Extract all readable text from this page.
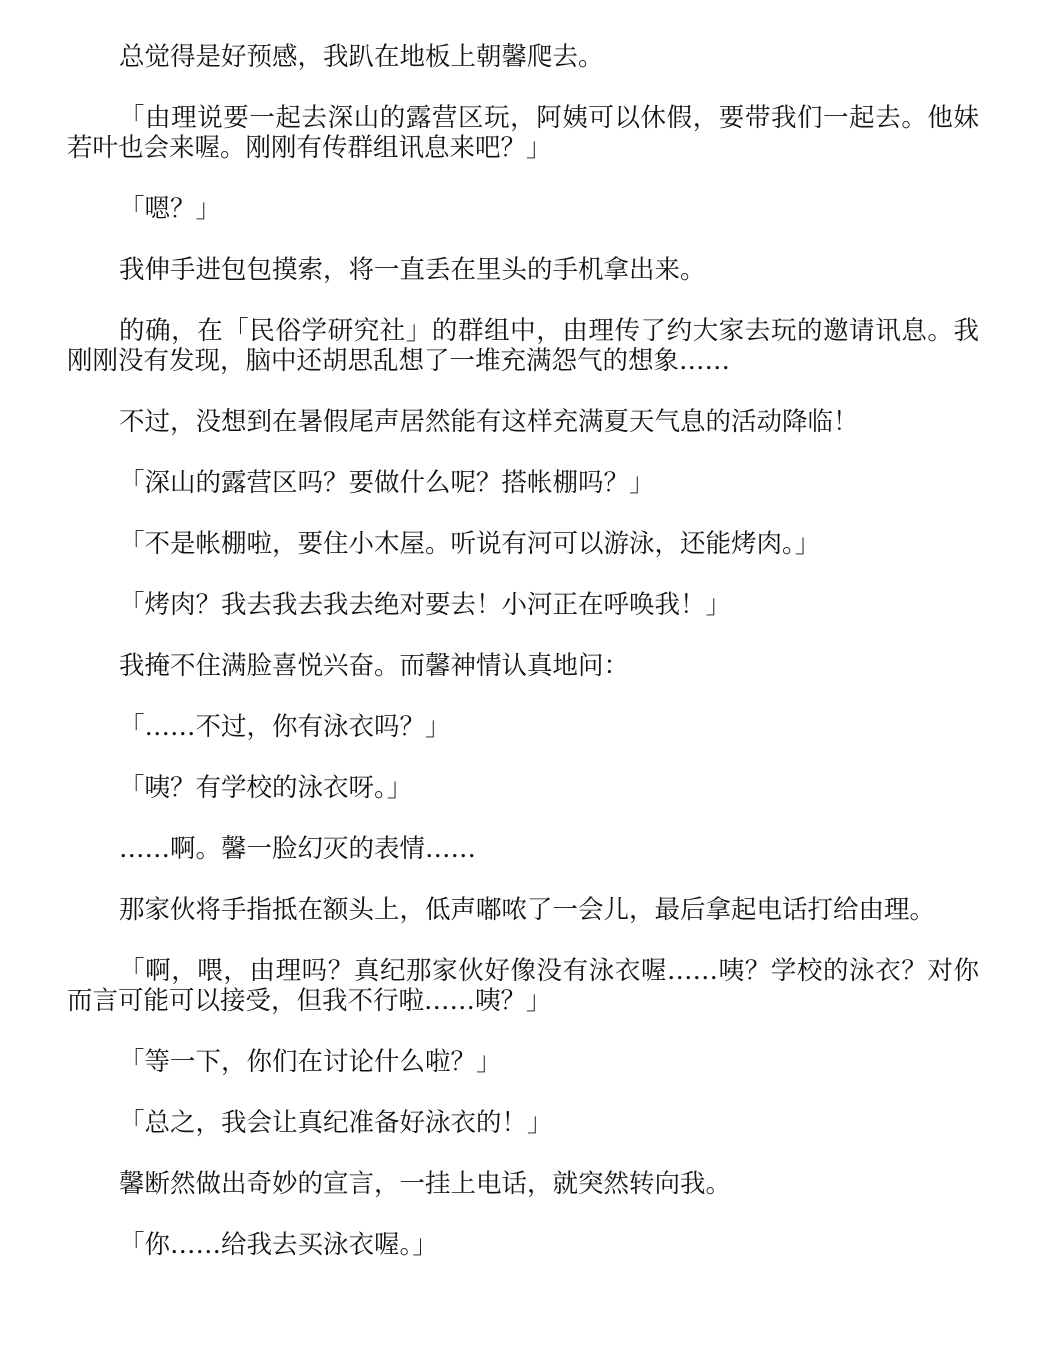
总觉得是好预感，我趴在地板上朝馨爬去。

「由理说要一起去深山的露营区玩，阿姨可以休假，要带我们一起去。他妹若叶也会来喔。刚刚有传群组讯息来吧？」

「嗯？」

我伸手进包包摸索，将一直丢在里头的手机拿出来。

的确，在「民俗学研究社」的群组中，由理传了约大家去玩的邀请讯息。我刚刚没有发现，脑中还胡思乱想了一堆充满怨气的想象……

不过，没想到在暑假尾声居然能有这样充满夏天气息的活动降临！

「深山的露营区吗？要做什么呢？搭帐棚吗？」

「不是帐棚啦，要住小木屋。听说有河可以游泳，还能烤肉。」

「烤肉？我去我去我去绝对要去！小河正在呼唤我！」

我掩不住满脸喜悦兴奋。而馨神情认真地问：

「……不过，你有泳衣吗？」

「咦？有学校的泳衣呀。」

……啊。馨一脸幻灭的表情……

那家伙将手指抵在额头上，低声嘟哝了一会儿，最后拿起电话打给由理。

「啊，喂，由理吗？真纪那家伙好像没有泳衣喔……咦？学校的泳衣？对你而言可能可以接受，但我不行啦……咦？」

「等一下，你们在讨论什么啦？」

「总之，我会让真纪准备好泳衣的！」

馨断然做出奇妙的宣言，一挂上电话，就突然转向我。

「你……给我去买泳衣喔。」
